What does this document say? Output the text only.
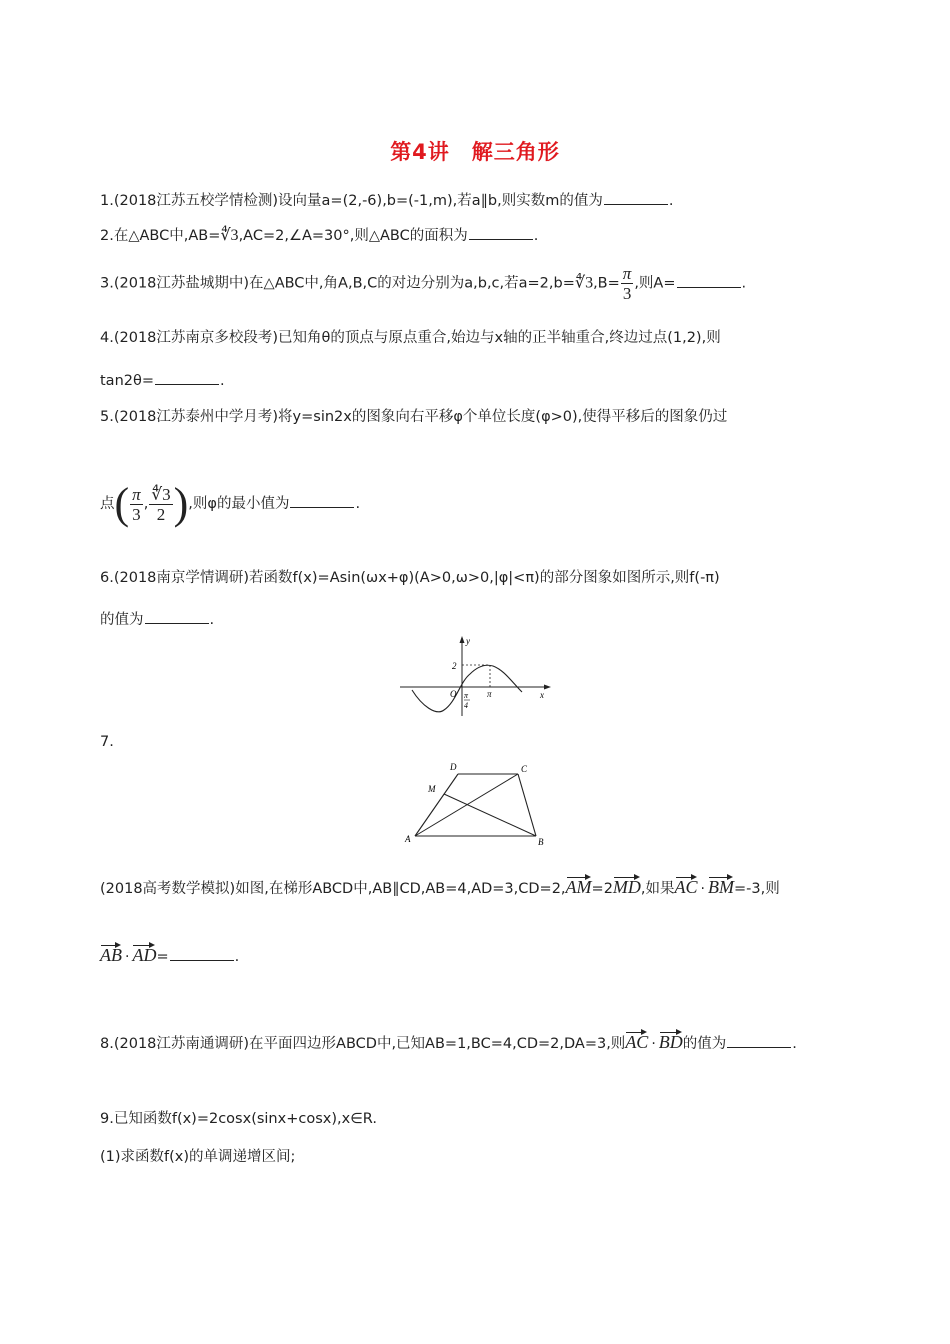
第4讲　解三角形
1.(2018江苏五校学情检测)设向量a=(2,-6),b=(-1,m),若a∥b,则实数m的值为	.
2.在△ABC中,AB=∜3,AC=2,∠A=30°,则△ABC的面积为	.
3.(2018江苏盐城期中)在△ABC中,角A,B,C的对边分别为a,b,c,若a=2,b=∜3,B= $\frac{\pi}{3}$ ,则A=	.
4.(2018江苏南京多校段考)已知角θ的顶点与原点重合,始边与x轴的正半轴重合,终边过点(1,2),则
tan2θ=	.
5.(2018江苏泰州中学月考)将y=sin2x的图象向右平移φ个单位长度(φ>0),使得平移后的图象仍过
点( $\frac{\pi}{3}$ , $\frac{∜3}{2}$ ),则φ的最小值为	.
6.(2018南京学情调研)若函数f(x)=Asin(ωx+φ)(A>0,ω>0,|φ|<π)的部分图象如图所示,则f(-π)
的值为	.
y
x
O
2
π
π
4
7.
D	C
M
A	B
(2018高考数学模拟)如图,在梯形ABCD中,AB∥CD,AB=4,AD=3,CD=2,AM=2MD,如果AC · BM=-3,则
AB · AD=	.
8.(2018江苏南通调研)在平面四边形ABCD中,已知AB=1,BC=4,CD=2,DA=3,则AC · BD的值为	.
9.已知函数f(x)=2cosx(sinx+cosx),x∈R.
(1)求函数f(x)的单调递增区间;
